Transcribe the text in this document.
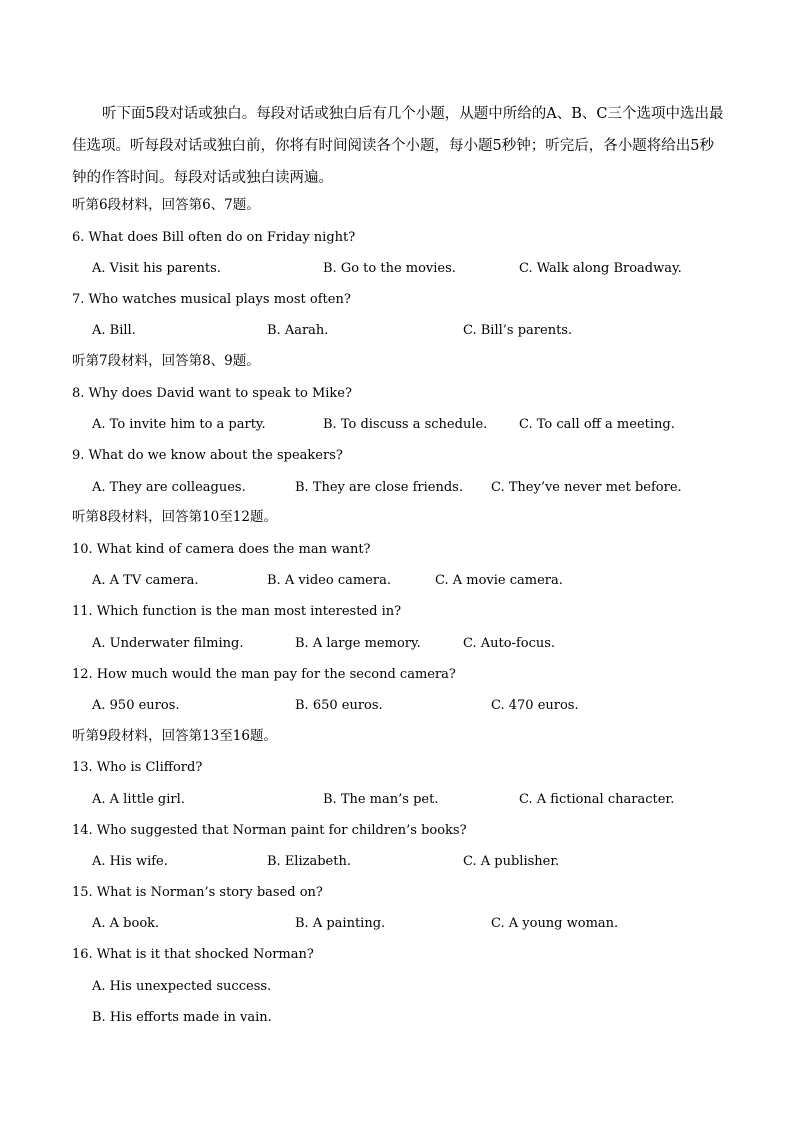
听下面5段对话或独白。每段对话或独白后有几个小题，从题中所给的A、B、C三个选项中选出最佳选项。听每段对话或独白前，你将有时间阅读各个小题，每小题5秒钟；听完后，各小题将给出5秒钟的作答时间。每段对话或独白读两遍。

听第6段材料，回答第6、7题。
6. What does Bill often do on Friday night?
A. Visit his parents.	B. Go to the movies.	C. Walk along Broadway.
7. Who watches musical plays most often?
A. Bill.	B. Aarah.	C. Bill’s parents.
听第7段材料，回答第8、9题。
8. Why does David want to speak to Mike?
A. To invite him to a party.	B. To discuss a schedule. C. To call off a meeting.
9. What do we know about the speakers?
A. They are colleagues.	B. They are close friends. C. They’ve never met before.
听第8段材料，回答第10至12题。
10. What kind of camera does the man want?
A. A TV camera.	B. A video camera.	C. A movie camera.
11. Which function is the man most interested in?
A. Underwater filming.	B. A large memory.	C. Auto-focus.
12. How much would the man pay for the second camera?
A. 950 euros.	B. 650 euros.	C. 470 euros.
听第9段材料，回答第13至16题。
13. Who is Clifford?
A. A little girl.	B. The man’s pet.	C. A fictional character.
14. Who suggested that Norman paint for children’s books?
A. His wife.	B. Elizabeth.	C. A publisher.
15. What is Norman’s story based on?
A. A book.	B. A painting.	C. A young woman.
16. What is it that shocked Norman?
A. His unexpected success.
B. His efforts made in vain.
